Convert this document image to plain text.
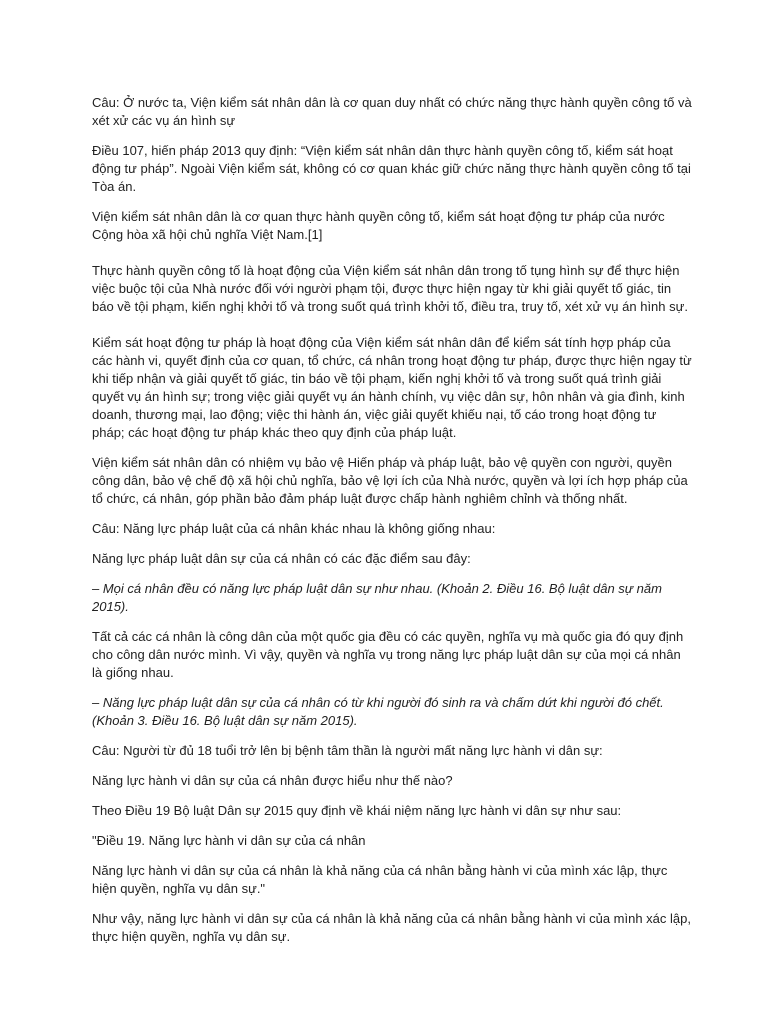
Câu: Ở nước ta, Viện kiểm sát nhân dân là cơ quan duy nhất có chức năng thực hành quyền công tố và xét xử các vụ án hình sự

Điều 107, hiến pháp 2013 quy định: “Viện kiểm sát nhân dân thực hành quyền công tố, kiểm sát hoạt động tư pháp”. Ngoài Viện kiểm sát, không có cơ quan khác giữ chức năng thực hành quyền công tố tại Tòa án.

Viện kiểm sát nhân dân là cơ quan thực hành quyền công tố, kiểm sát hoạt động tư pháp của nước Cộng hòa xã hội chủ nghĩa Việt Nam.[1]

Thực hành quyền công tố là hoạt động của Viện kiểm sát nhân dân trong tố tụng hình sự để thực hiện việc buộc tội của Nhà nước đối với người phạm tội, được thực hiện ngay từ khi giải quyết tố giác, tin báo về tội phạm, kiến nghị khởi tố và trong suốt quá trình khởi tố, điều tra, truy tố, xét xử vụ án hình sự.

Kiểm sát hoạt động tư pháp là hoạt động của Viện kiểm sát nhân dân để kiểm sát tính hợp pháp của các hành vi, quyết định của cơ quan, tổ chức, cá nhân trong hoạt động tư pháp, được thực hiện ngay từ khi tiếp nhận và giải quyết tố giác, tin báo về tội phạm, kiến nghị khởi tố và trong suốt quá trình giải quyết vụ án hình sự; trong việc giải quyết vụ án hành chính, vụ việc dân sự, hôn nhân và gia đình, kinh doanh, thương mại, lao động; việc thi hành án, việc giải quyết khiếu nại, tố cáo trong hoạt động tư pháp; các hoạt động tư pháp khác theo quy định của pháp luật.

Viện kiểm sát nhân dân có nhiệm vụ bảo vệ Hiến pháp và pháp luật, bảo vệ quyền con người, quyền công dân, bảo vệ chế độ xã hội chủ nghĩa, bảo vệ lợi ích của Nhà nước, quyền và lợi ích hợp pháp của tổ chức, cá nhân, góp phần bảo đảm pháp luật được chấp hành nghiêm chỉnh và thống nhất.

Câu: Năng lực pháp luật của cá nhân khác nhau là không giống nhau:

Năng lực pháp luật dân sự của cá nhân có các đặc điểm sau đây:

– Mọi cá nhân đều có năng lực pháp luật dân sự như nhau. (Khoản 2. Điều 16. Bộ luật dân sự năm 2015).

Tất cả các cá nhân là công dân của một quốc gia đều có các quyền, nghĩa vụ mà quốc gia đó quy định cho công dân nước mình. Vì vậy, quyền và nghĩa vụ trong năng lực pháp luật dân sự của mọi cá nhân là giống nhau.

– Năng lực pháp luật dân sự của cá nhân có từ khi người đó sinh ra và chấm dứt khi người đó chết. (Khoản 3. Điều 16. Bộ luật dân sự năm 2015).

Câu: Người từ đủ 18 tuổi trở lên bị bệnh tâm thần là người mất năng lực hành vi dân sự:

Năng lực hành vi dân sự của cá nhân được hiểu như thế nào?

Theo Điều 19 Bộ luật Dân sự 2015 quy định về khái niệm năng lực hành vi dân sự như sau:

"Điều 19. Năng lực hành vi dân sự của cá nhân

Năng lực hành vi dân sự của cá nhân là khả năng của cá nhân bằng hành vi của mình xác lập, thực hiện quyền, nghĩa vụ dân sự."

Như vậy, năng lực hành vi dân sự của cá nhân là khả năng của cá nhân bằng hành vi của mình xác lập, thực hiện quyền, nghĩa vụ dân sự.
